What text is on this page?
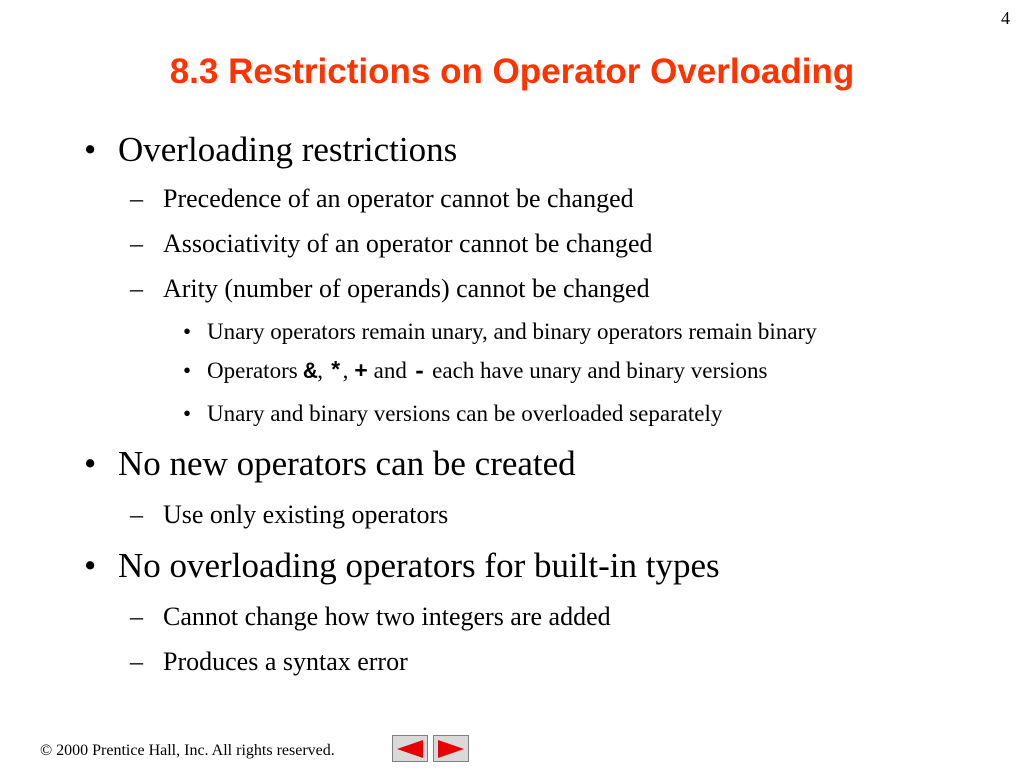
4
8.3 Restrictions on Operator Overloading
• Overloading restrictions
– Precedence of an operator cannot be changed
– Associativity of an operator cannot be changed
– Arity (number of operands) cannot be changed
• Unary operators remain unary, and binary operators remain binary
• Operators &, *, + and - each have unary and binary versions
• Unary and binary versions can be overloaded separately
• No new operators can be created
– Use only existing operators
• No overloading operators for built-in types
– Cannot change how two integers are added
– Produces a syntax error
© 2000 Prentice Hall, Inc. All rights reserved.
